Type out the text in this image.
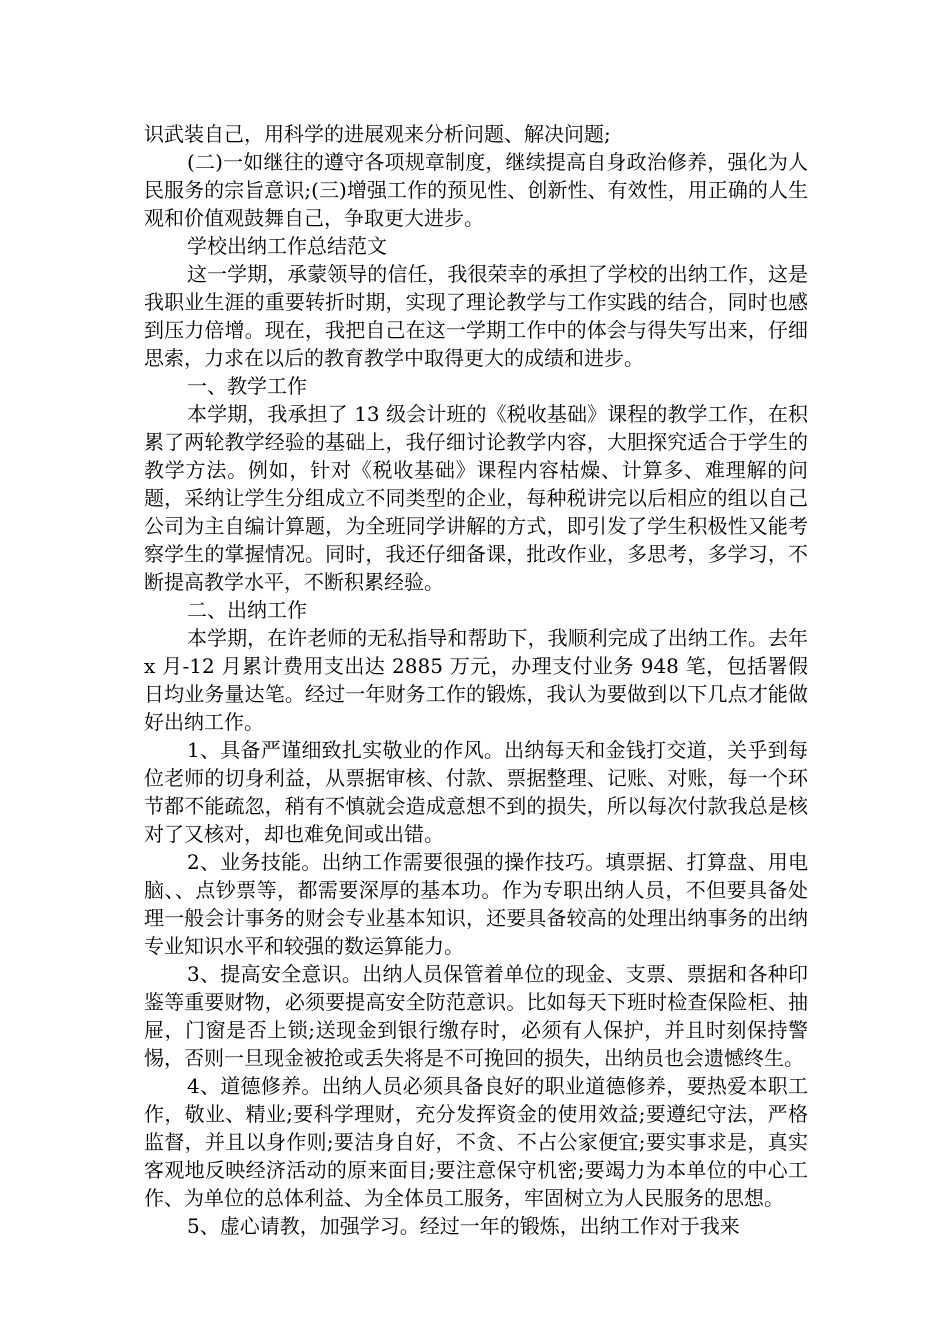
识武装自己，用科学的进展观来分析问题、解决问题;

(二)一如继往的遵守各项规章制度，继续提高自身政治修养，强化为人民服务的宗旨意识;(三)增强工作的预见性、创新性、有效性，用正确的人生观和价值观鼓舞自己，争取更大进步。

学校出纳工作总结范文

这一学期，承蒙领导的信任，我很荣幸的承担了学校的出纳工作，这是我职业生涯的重要转折时期，实现了理论教学与工作实践的结合，同时也感到压力倍增。现在，我把自己在这一学期工作中的体会与得失写出来，仔细思索，力求在以后的教育教学中取得更大的成绩和进步。

一、教学工作

本学期，我承担了 13 级会计班的《税收基础》课程的教学工作，在积累了两轮教学经验的基础上，我仔细讨论教学内容，大胆探究适合于学生的教学方法。例如，针对《税收基础》课程内容枯燥、计算多、难理解的问题，采纳让学生分组成立不同类型的企业，每种税讲完以后相应的组以自己公司为主自编计算题，为全班同学讲解的方式，即引发了学生积极性又能考察学生的掌握情况。同时，我还仔细备课，批改作业，多思考，多学习，不断提高教学水平，不断积累经验。

二、出纳工作

本学期，在许老师的无私指导和帮助下，我顺利完成了出纳工作。去年 x 月-12 月累计费用支出达 2885 万元，办理支付业务 948 笔，包括署假日均业务量达笔。经过一年财务工作的锻炼，我认为要做到以下几点才能做好出纳工作。

1、具备严谨细致扎实敬业的作风。出纳每天和金钱打交道，关乎到每位老师的切身利益，从票据审核、付款、票据整理、记账、对账，每一个环节都不能疏忽，稍有不慎就会造成意想不到的损失，所以每次付款我总是核对了又核对，却也难免间或出错。

2、业务技能。出纳工作需要很强的操作技巧。填票据、打算盘、用电脑、、点钞票等，都需要深厚的基本功。作为专职出纳人员，不但要具备处理一般会计事务的财会专业基本知识，还要具备较高的处理出纳事务的出纳专业知识水平和较强的数运算能力。

3、提高安全意识。出纳人员保管着单位的现金、支票、票据和各种印鉴等重要财物，必须要提高安全防范意识。比如每天下班时检查保险柜、抽屉，门窗是否上锁;送现金到银行缴存时，必须有人保护，并且时刻保持警惕，否则一旦现金被抢或丢失将是不可挽回的损失，出纳员也会遗憾终生。

4、道德修养。出纳人员必须具备良好的职业道德修养，要热爱本职工作，敬业、精业;要科学理财，充分发挥资金的使用效益;要遵纪守法，严格监督，并且以身作则;要洁身自好，不贪、不占公家便宜;要实事求是，真实客观地反映经济活动的原来面目;要注意保守机密;要竭力为本单位的中心工作、为单位的总体利益、为全体员工服务，牢固树立为人民服务的思想。

5、虚心请教，加强学习。经过一年的锻炼，出纳工作对于我来
